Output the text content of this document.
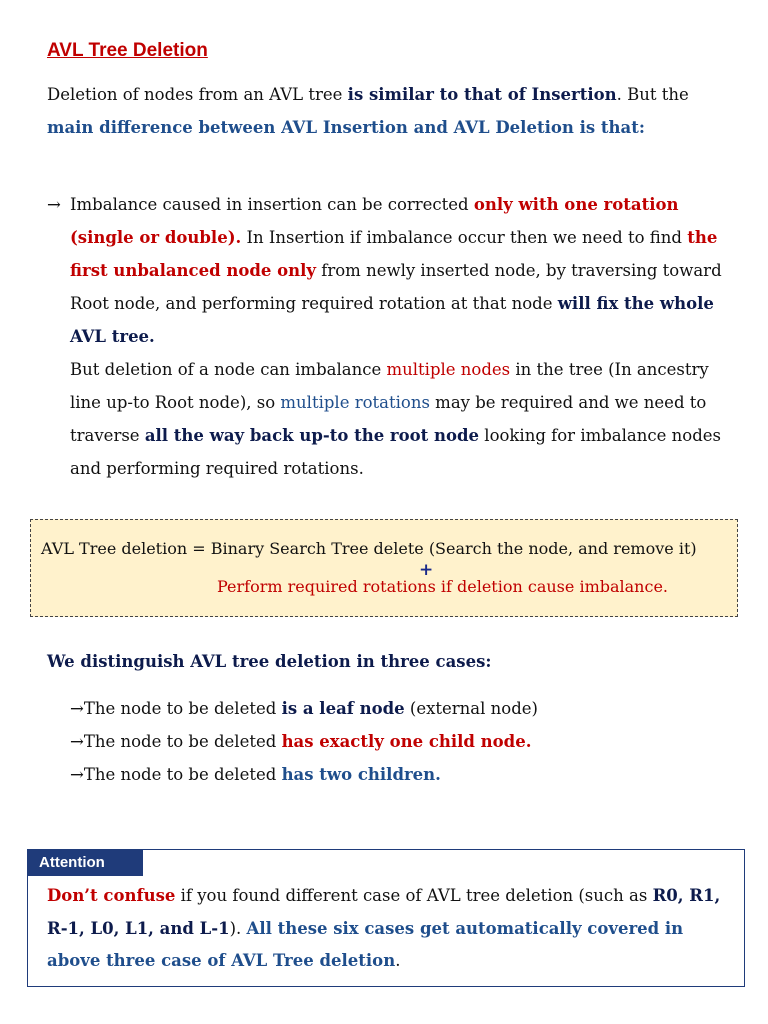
AVL Tree Deletion
Deletion of nodes from an AVL tree is similar to that of Insertion. But the main difference between AVL Insertion and AVL Deletion is that:
→ Imbalance caused in insertion can be corrected only with one rotation (single or double). In Insertion if imbalance occur then we need to find the first unbalanced node only from newly inserted node, by traversing toward Root node, and performing required rotation at that node will fix the whole AVL tree.
But deletion of a node can imbalance multiple nodes in the tree (In ancestry line up-to Root node), so multiple rotations may be required and we need to traverse all the way back up-to the root node looking for imbalance nodes and performing required rotations.
AVL Tree deletion = Binary Search Tree delete (Search the node, and remove it)
+
Perform required rotations if deletion cause imbalance.
We distinguish AVL tree deletion in three cases:
→The node to be deleted is a leaf node (external node)
→The node to be deleted has exactly one child node.
→The node to be deleted has two children.
Attention
Don’t confuse if you found different case of AVL tree deletion (such as R0, R1, R-1, L0, L1, and L-1). All these six cases get automatically covered in above three case of AVL Tree deletion.
